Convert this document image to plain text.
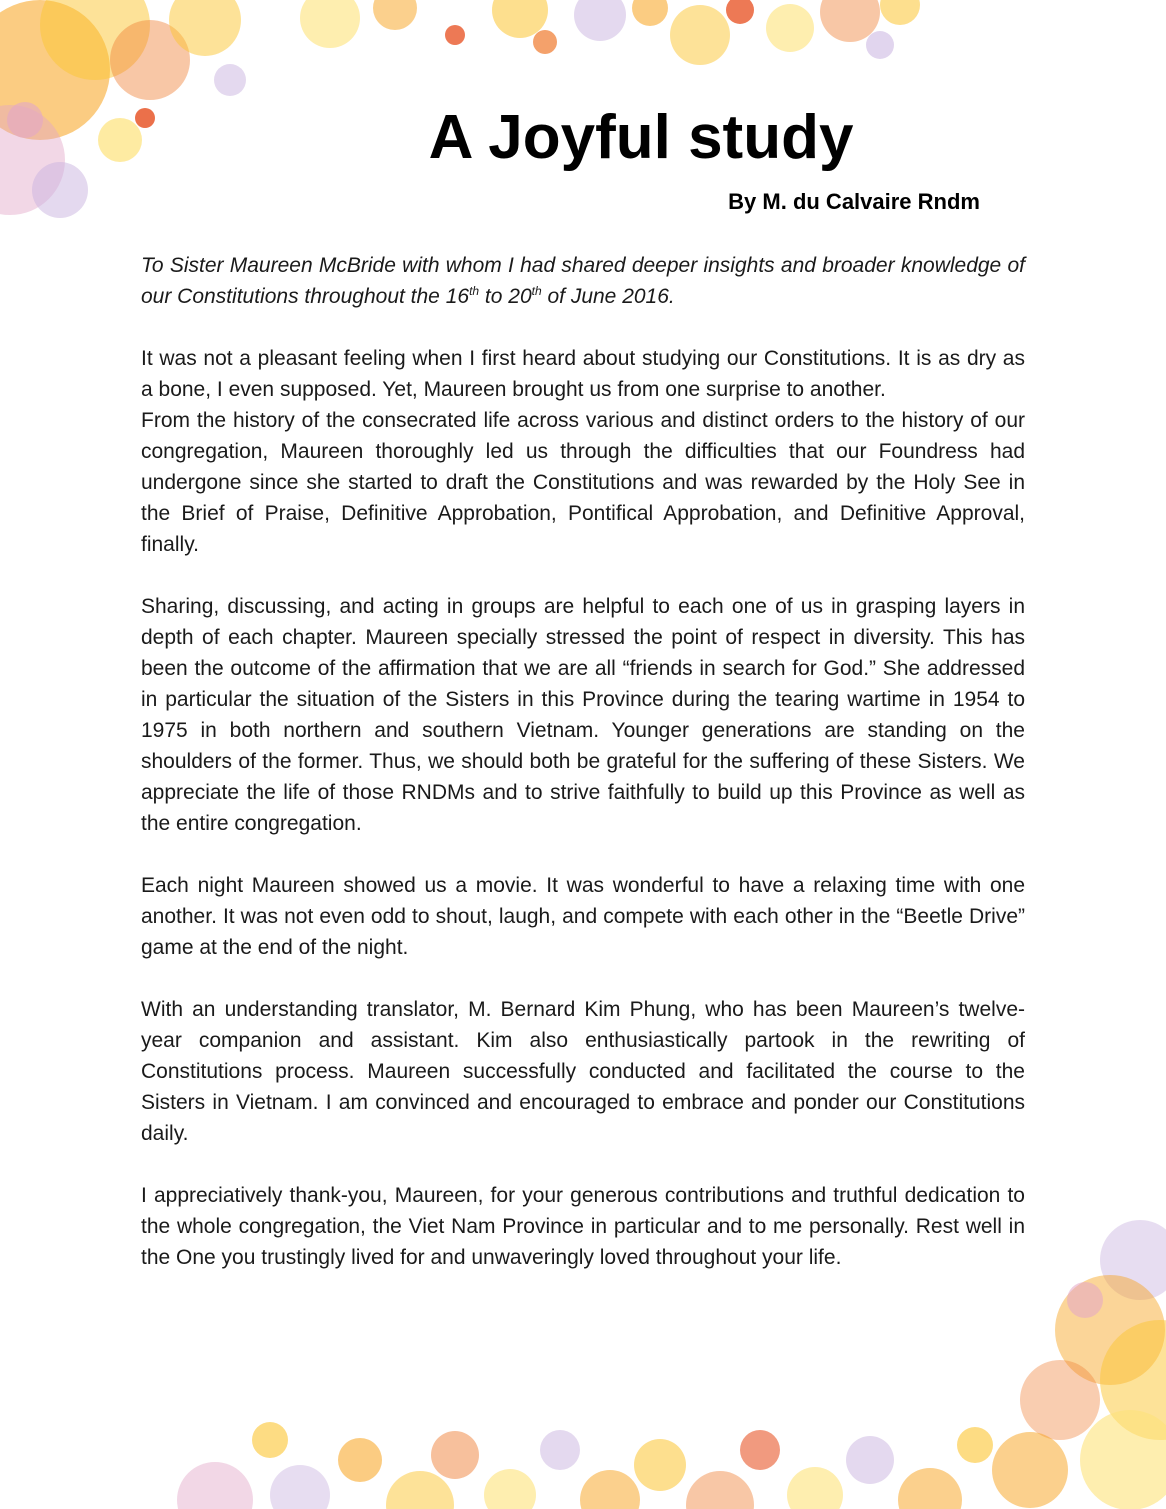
A Joyful study
By M. du Calvaire Rndm

To Sister Maureen McBride with whom I had shared deeper insights and broader knowledge of our Constitutions throughout the 16th to 20th of June 2016.

It was not a pleasant feeling when I first heard about studying our Constitutions. It is as dry as a bone, I even supposed. Yet, Maureen brought us from one surprise to another.

From the history of the consecrated life across various and distinct orders to the history of our congregation, Maureen thoroughly led us through the difficulties that our Foundress had undergone since she started to draft the Constitutions and was rewarded by the Holy See in the Brief of Praise, Definitive Approbation, Pontifical Approbation, and Definitive Approval, finally.

Sharing, discussing, and acting in groups are helpful to each one of us in grasping layers in depth of each chapter. Maureen specially stressed the point of respect in diversity. This has been the outcome of the affirmation that we are all “friends in search for God.” She addressed in particular the situation of the Sisters in this Province during the tearing wartime in 1954 to 1975 in both northern and southern Vietnam. Younger generations are standing on the shoulders of the former. Thus, we should both be grateful for the suffering of these Sisters. We appreciate the life of those RNDMs and to strive faithfully to build up this Province as well as the entire congregation.

Each night Maureen showed us a movie. It was wonderful to have a relaxing time with one another. It was not even odd to shout, laugh, and compete with each other in the “Beetle Drive” game at the end of the night.

With an understanding translator, M. Bernard Kim Phung, who has been Maureen’s twelve-year companion and assistant. Kim also enthusiastically partook in the rewriting of Constitutions process. Maureen successfully conducted and facilitated the course to the Sisters in Vietnam. I am convinced and encouraged to embrace and ponder our Constitutions daily.

I appreciatively thank-you, Maureen, for your generous contributions and truthful dedication to the whole congregation, the Viet Nam Province in particular and to me personally. Rest well in the One you trustingly lived for and unwaveringly loved throughout your life.
